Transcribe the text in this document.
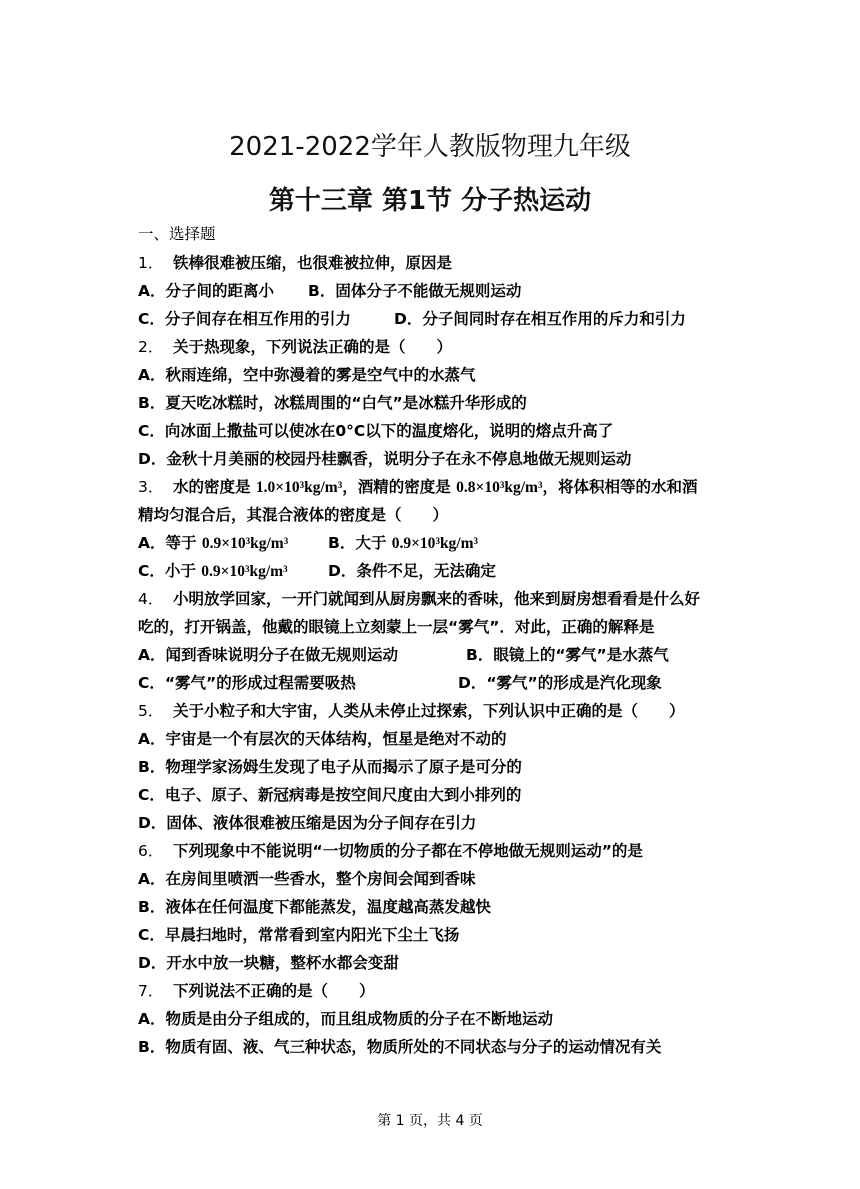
2021-2022学年人教版物理九年级
第十三章 第1节 分子热运动
一、选择题
1． 铁棒很难被压缩，也很难被拉伸，原因是
A．分子间的距离小 B．固体分子不能做无规则运动
C．分子间存在相互作用的引力	D．分子间同时存在相互作用的斥力和引力
2． 关于热现象，下列说法正确的是（　　）
A．秋雨连绵，空中弥漫着的雾是空气中的水蒸气
B．夏天吃冰糕时，冰糕周围的“白气”是冰糕升华形成的
C．向冰面上撒盐可以使冰在0°C以下的温度熔化，说明的熔点升高了
D．金秋十月美丽的校园丹桂飘香，说明分子在永不停息地做无规则运动
3． 水的密度是 $1.0\times 10^3kg/m^3$，酒精的密度是 $0.8\times 10^3kg/m^3$，将体积相等的水和酒
精均匀混合后，其混合液体的密度是（　　）
A．等于 $0.9\times 10^3kg/m^3$	B．大于 $0.9\times 10^3kg/m^3$
C．小于 $0.9\times 10^3kg/m^3$	D．条件不足，无法确定
4． 小明放学回家，一开门就闻到从厨房飘来的香味，他来到厨房想看看是什么好
吃的，打开锅盖，他戴的眼镜上立刻蒙上一层“雾气”．对此，正确的解释是
A．闻到香味说明分子在做无规则运动	B．眼镜上的“雾气”是水蒸气
C．“雾气”的形成过程需要吸热	D．“雾气”的形成是汽化现象
5． 关于小粒子和大宇宙，人类从未停止过探索，下列认识中正确的是（　　）
A．宇宙是一个有层次的天体结构，恒星是绝对不动的
B．物理学家汤姆生发现了电子从而揭示了原子是可分的
C．电子、原子、新冠病毒是按空间尺度由大到小排列的
D．固体、液体很难被压缩是因为分子间存在引力
6． 下列现象中不能说明“一切物质的分子都在不停地做无规则运动”的是
A．在房间里喷洒一些香水，整个房间会闻到香味
B．液体在任何温度下都能蒸发，温度越高蒸发越快
C．早晨扫地时，常常看到室内阳光下尘土飞扬
D．开水中放一块糖，整杯水都会变甜
7． 下列说法不正确的是（　　）
A．物质是由分子组成的，而且组成物质的分子在不断地运动
B．物质有固、液、气三种状态，物质所处的不同状态与分子的运动情况有关
第 1 页，共 4 页
